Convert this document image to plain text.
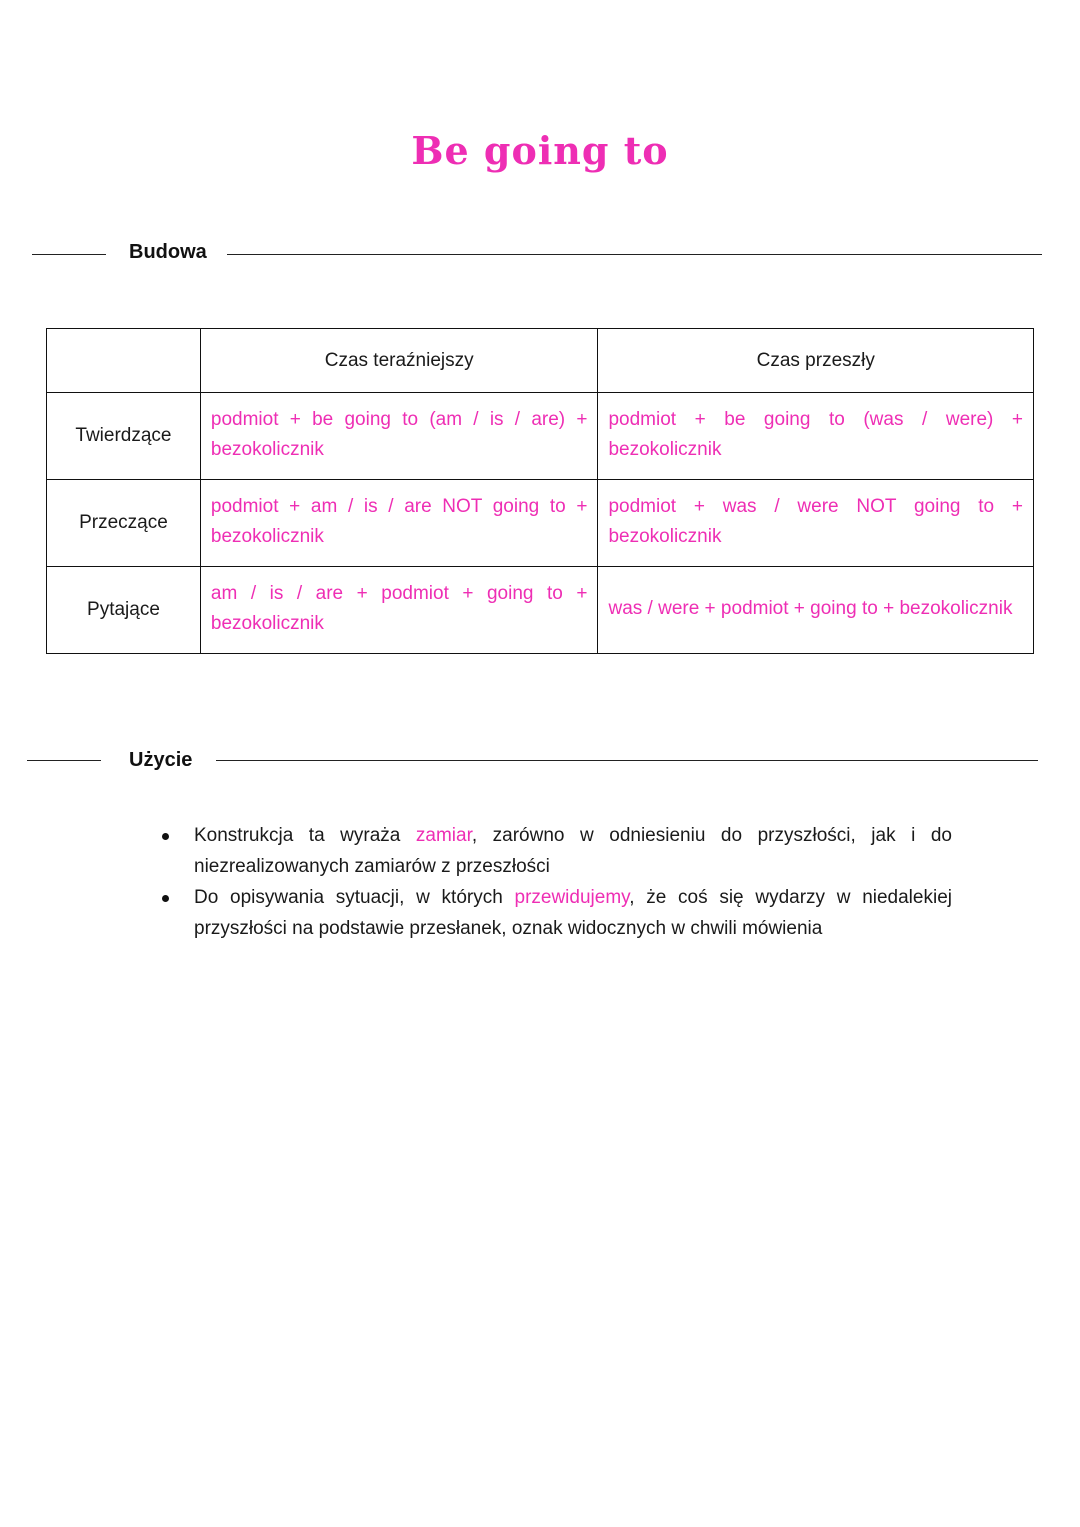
Be going to
Budowa
	Czas teraźniejszy	Czas przeszły
Twierdzące	podmiot + be going to (am / is / are) + bezokolicznik	podmiot + be going to (was / were) + bezokolicznik
Przeczące	podmiot + am / is / are NOT going to + bezokolicznik	podmiot + was / were NOT going to + bezokolicznik
Pytające	am / is / are + podmiot + going to + bezokolicznik	was / were + podmiot + going to + bezokolicznik
Użycie
Konstrukcja ta wyraża zamiar, zarówno w odniesieniu do przyszłości, jak i do niezrealizowanych zamiarów z przeszłości
Do opisywania sytuacji, w których przewidujemy, że coś się wydarzy w niedalekiej przyszłości na podstawie przesłanek, oznak widocznych w chwili mówienia
